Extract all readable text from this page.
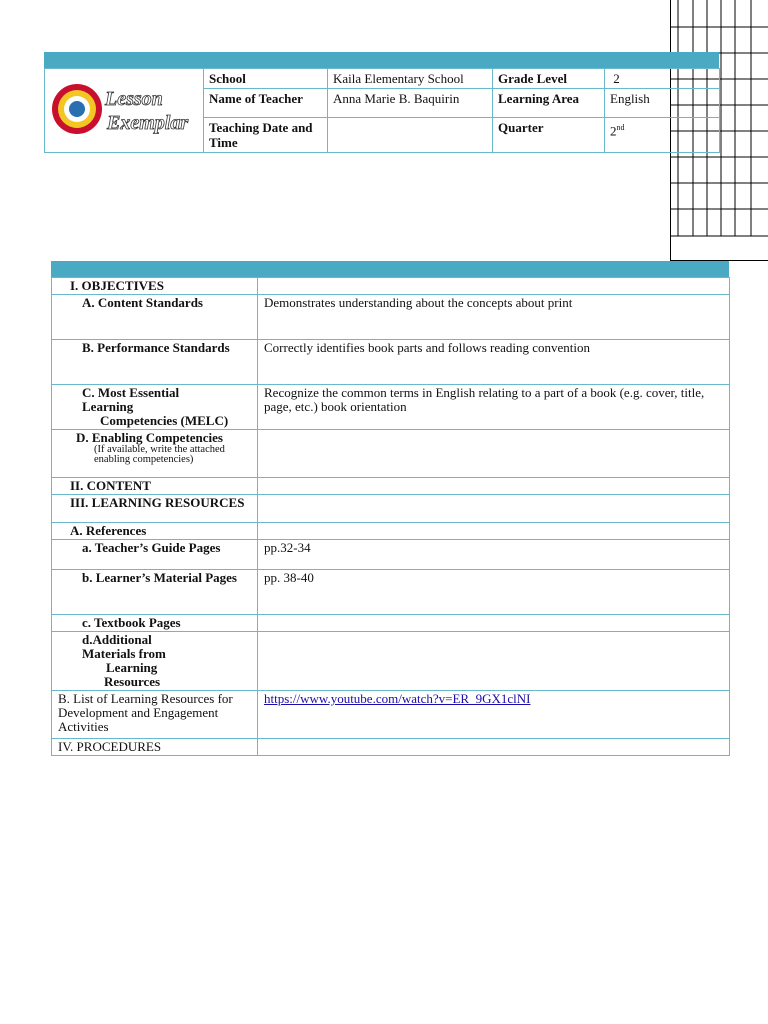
Lesson
Exemplar	School	Kaila Elementary School	Grade Level	2
	Name of Teacher	Anna Marie B. Baquirin	Learning Area	English
	Teaching Date and Time		Quarter	2nd
I. OBJECTIVES	
A. Content Standards	Demonstrates understanding about the concepts about print
B. Performance Standards	Correctly identifies book parts and follows reading convention

C. Most Essential
Learning
Competencies (MELC)	Recognize the common terms in English relating to a part of a book (e.g. cover, title, page, etc.) book orientation

D. Enabling Competencies
(If available, write the attached enabling competencies)	

II. CONTENT	
III. LEARNING RESOURCES	
A. References	
a. Teacher’s Guide Pages	pp.32-34
b. Learner’s Material Pages	pp. 38-40
c. Textbook Pages	

d.Additional
Materials from
Learning
Resources	

B. List of Learning Resources for Development and Engagement Activities	https://www.youtube.com/watch?v=ER_9GX1clNI
IV. PROCEDURES	
